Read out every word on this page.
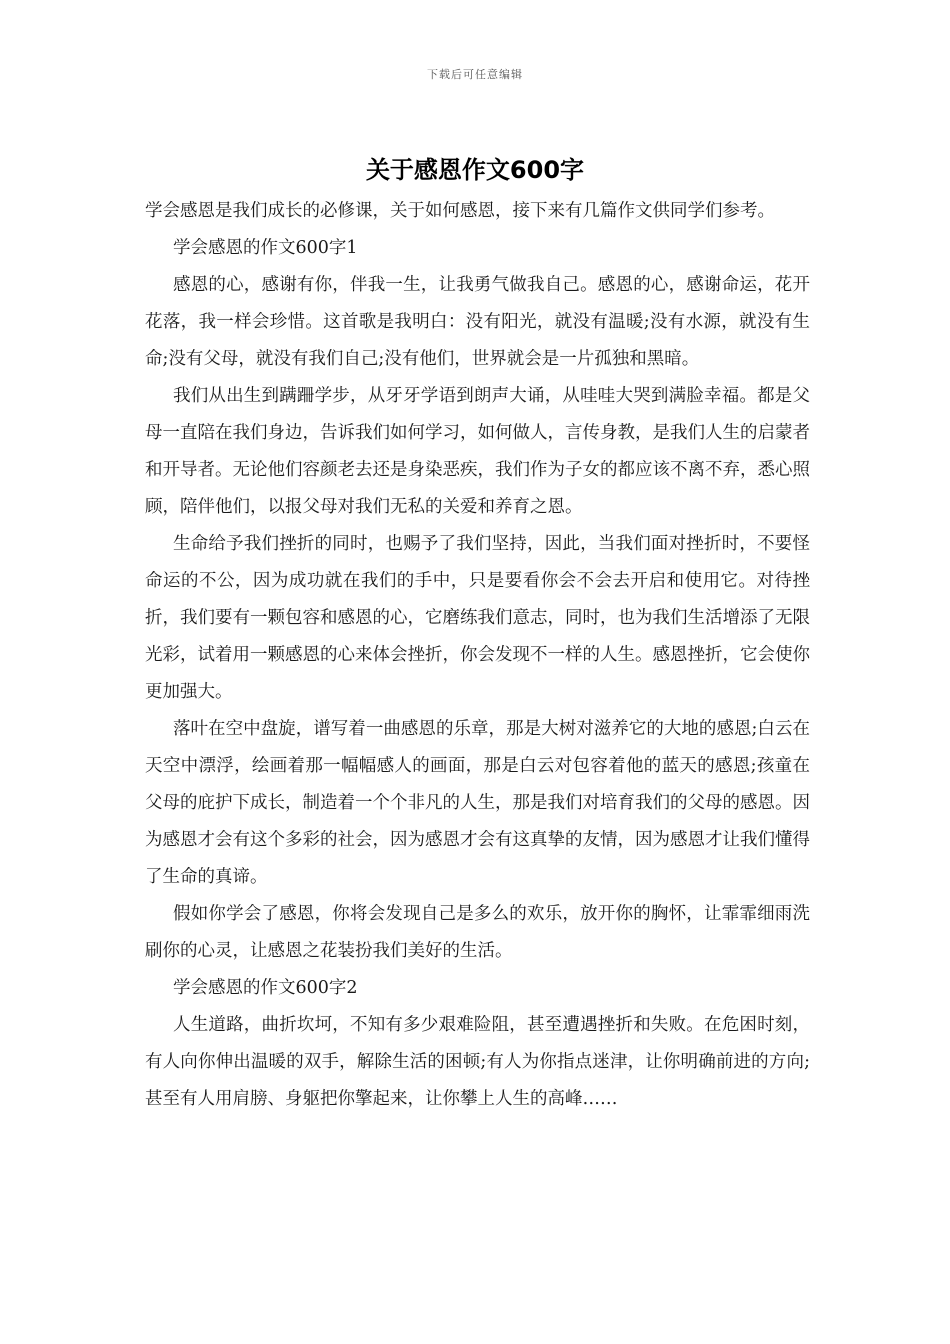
下载后可任意编辑
关于感恩作文600字

学会感恩是我们成长的必修课，关于如何感恩，接下来有几篇作文供同学们参考。

学会感恩的作文600字1

感恩的心，感谢有你，伴我一生，让我勇气做我自己。感恩的心，感谢命运，花开花落，我一样会珍惜。这首歌是我明白：没有阳光，就没有温暖;没有水源，就没有生命;没有父母，就没有我们自己;没有他们，世界就会是一片孤独和黑暗。

我们从出生到蹒跚学步，从牙牙学语到朗声大诵，从哇哇大哭到满脸幸福。都是父母一直陪在我们身边，告诉我们如何学习，如何做人，言传身教，是我们人生的启蒙者和开导者。无论他们容颜老去还是身染恶疾，我们作为子女的都应该不离不弃，悉心照顾，陪伴他们，以报父母对我们无私的关爱和养育之恩。

生命给予我们挫折的同时，也赐予了我们坚持，因此，当我们面对挫折时，不要怪命运的不公，因为成功就在我们的手中，只是要看你会不会去开启和使用它。对待挫折，我们要有一颗包容和感恩的心，它磨练我们意志，同时，也为我们生活增添了无限光彩，试着用一颗感恩的心来体会挫折，你会发现不一样的人生。感恩挫折，它会使你更加强大。

落叶在空中盘旋，谱写着一曲感恩的乐章，那是大树对滋养它的大地的感恩;白云在天空中漂浮，绘画着那一幅幅感人的画面，那是白云对包容着他的蓝天的感恩;孩童在父母的庇护下成长，制造着一个个非凡的人生，那是我们对培育我们的父母的感恩。因为感恩才会有这个多彩的社会，因为感恩才会有这真挚的友情，因为感恩才让我们懂得了生命的真谛。

假如你学会了感恩，你将会发现自己是多么的欢乐，放开你的胸怀，让霏霏细雨洗刷你的心灵，让感恩之花装扮我们美好的生活。

学会感恩的作文600字2

人生道路，曲折坎坷，不知有多少艰难险阻，甚至遭遇挫折和失败。在危困时刻，有人向你伸出温暖的双手，解除生活的困顿;有人为你指点迷津，让你明确前进的方向;甚至有人用肩膀、身躯把你擎起来，让你攀上人生的高峰……
